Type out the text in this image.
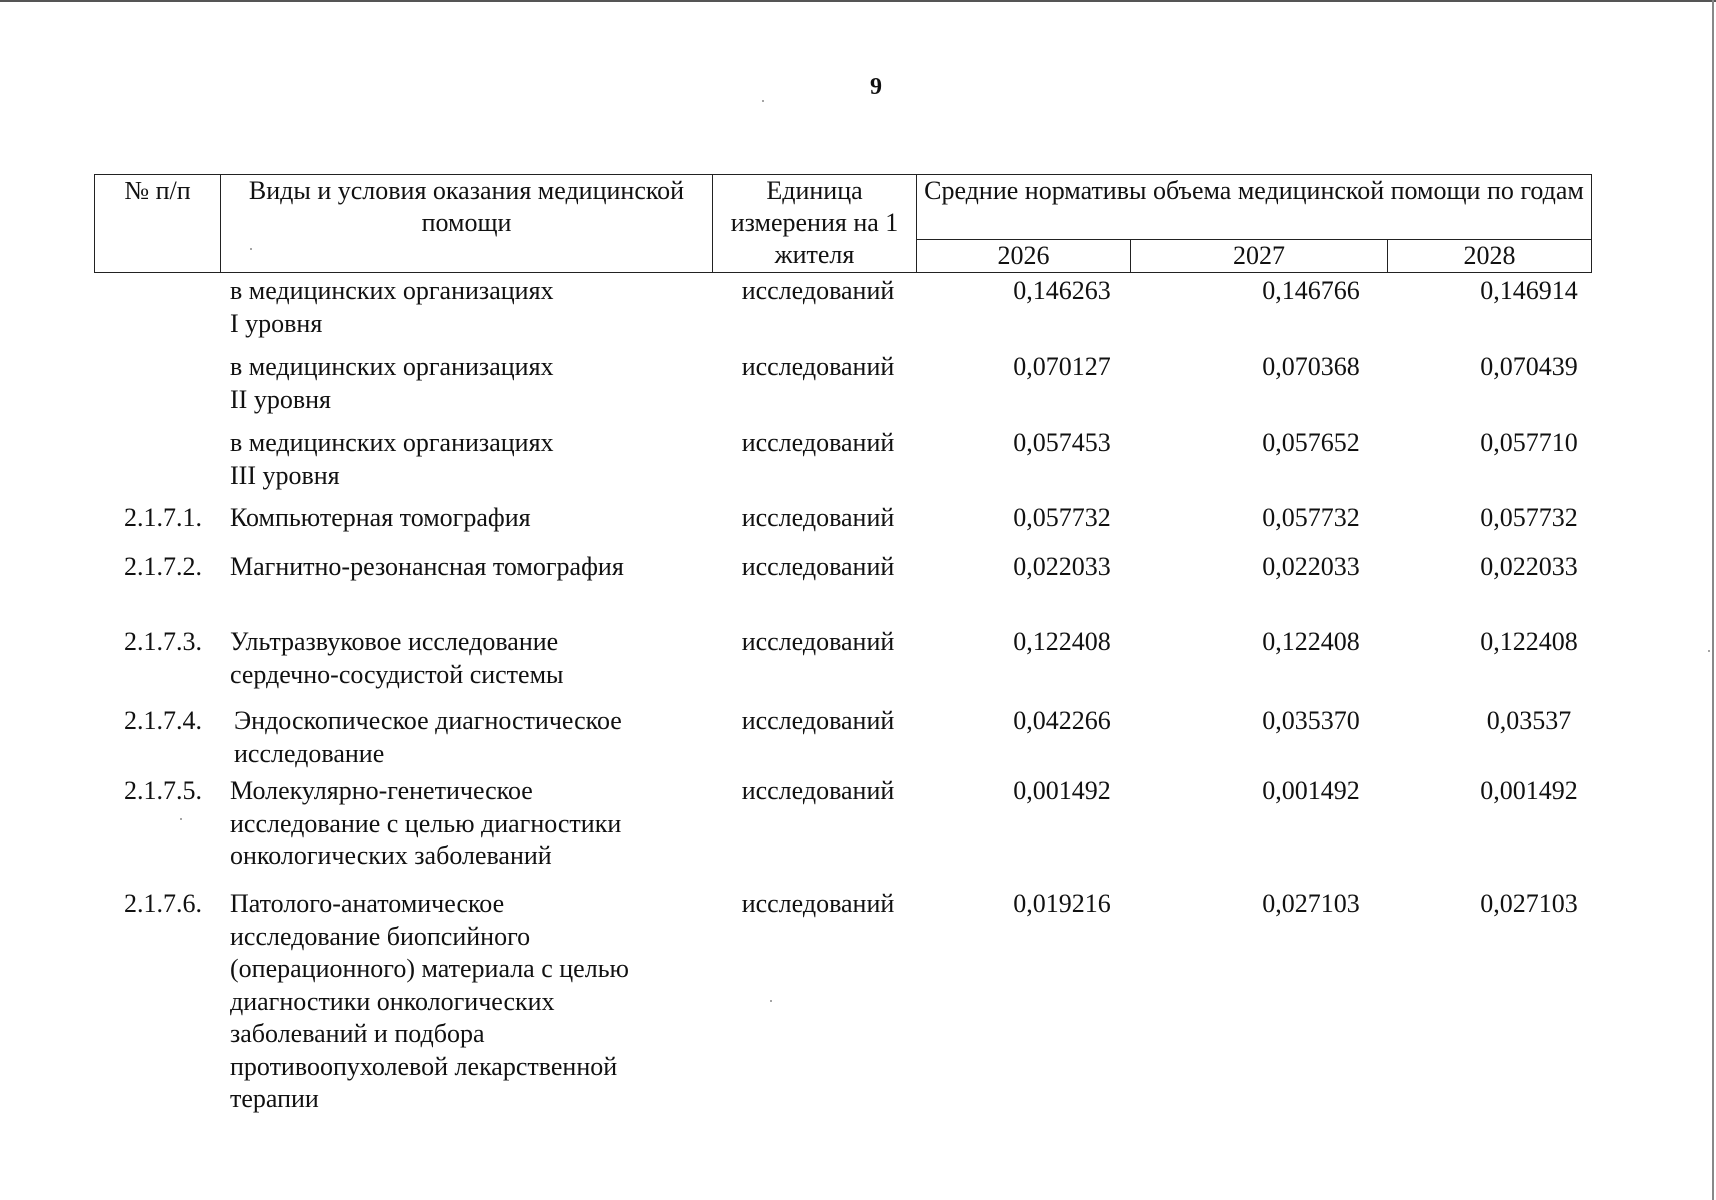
9
№ п/п	Виды и условия оказания медицинской помощи	Единица измерения на 1 жителя	Средние нормативы объема медицинской помощи по годам		
			2026	2027	2028
в медицинских организациях
I уровня
исследований	0,146263	0,146766	0,146914
в медицинских организациях
II уровня
исследований	0,070127	0,070368	0,070439
в медицинских организациях
III уровня
исследований	0,057453	0,057652	0,057710
2.1.7.1. Компьютерная томография	исследований	0,057732	0,057732	0,057732
2.1.7.2. Магнитно-резонансная томография	исследований	0,022033	0,022033	0,022033
2.1.7.3. Ультразвуковое исследование
сердечно-сосудистой системы
исследований	0,122408	0,122408	0,122408
2.1.7.4. Эндоскопическое диагностическое
исследование
исследований	0,042266	0,035370	0,03537
2.1.7.5. Молекулярно-генетическое
исследование с целью диагностики
онкологических заболеваний
исследований	0,001492	0,001492	0,001492
2.1.7.6. Патолого-анатомическое
исследование биопсийного
(операционного) материала с целью
диагностики онкологических
заболеваний и подбора
противоопухолевой лекарственной
терапии
исследований	0,019216	0,027103	0,027103
